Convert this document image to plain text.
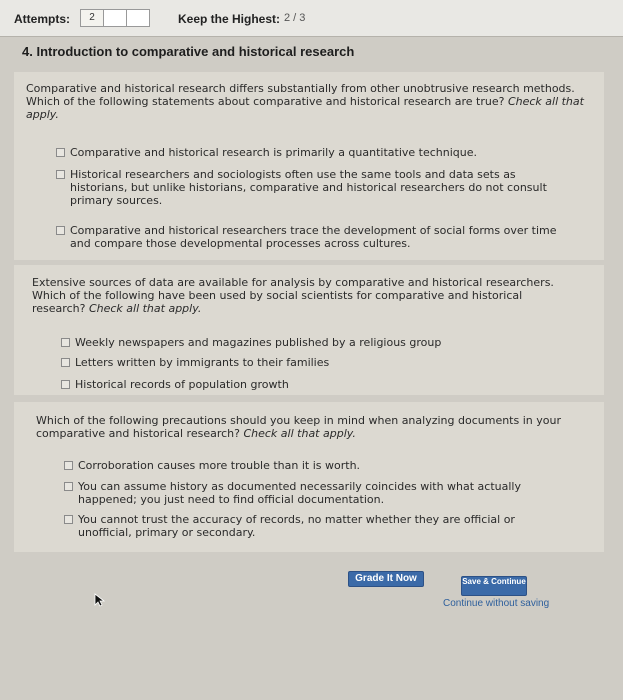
Attempts:	2	Keep the Highest: 2 / 3
4. Introduction to comparative and historical research
Comparative and historical research differs substantially from other unobtrusive research methods. Which of the following statements about comparative and historical research are true? Check all that apply.
Comparative and historical research is primarily a quantitative technique.
Historical researchers and sociologists often use the same tools and data sets as historians, but unlike historians, comparative and historical researchers do not consult primary sources.
Comparative and historical researchers trace the development of social forms over time and compare those developmental processes across cultures.
Extensive sources of data are available for analysis by comparative and historical researchers. Which of the following have been used by social scientists for comparative and historical research? Check all that apply.
Weekly newspapers and magazines published by a religious group
Letters written by immigrants to their families
Historical records of population growth
Which of the following precautions should you keep in mind when analyzing documents in your comparative and historical research? Check all that apply.
Corroboration causes more trouble than it is worth.
You can assume history as documented necessarily coincides with what actually happened; you just need to find official documentation.
You cannot trust the accuracy of records, no matter whether they are official or unofficial, primary or secondary.
Grade It Now	Save & Continue
Continue without saving
